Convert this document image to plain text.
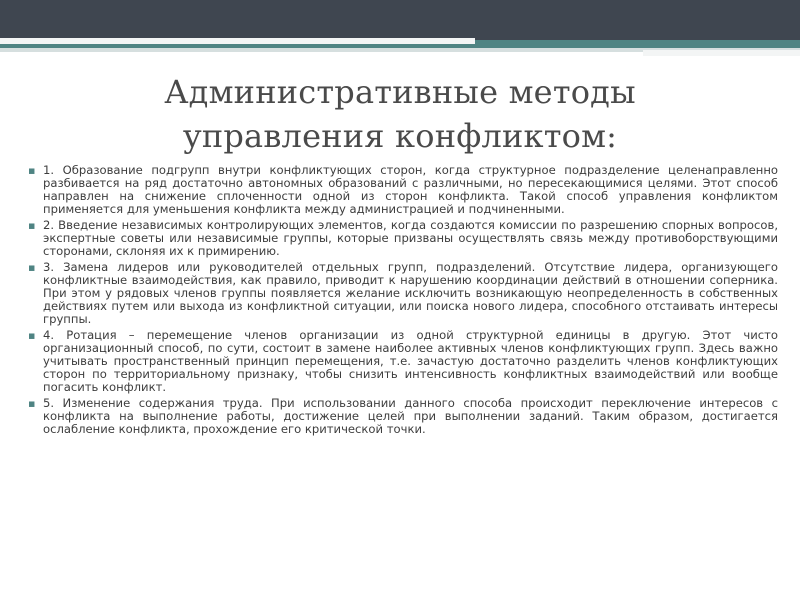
Административные методы
управления конфликтом:
▪ 1. Образование подгрупп внутри конфликтующих сторон, когда структурное подразделение целенаправленно разбивается на ряд достаточно автономных образований с различными, но пересекающимися целями. Этот способ направлен на снижение сплоченности одной из сторон конфликта. Такой способ управления конфликтом применяется для уменьшения конфликта между администрацией и подчиненными.
▪ 2. Введение независимых контролирующих элементов, когда создаются комиссии по разрешению спорных вопросов, экспертные советы или независимые группы, которые призваны осуществлять связь между противоборствующими сторонами, склоняя их к примирению.
▪ 3. Замена лидеров или руководителей отдельных групп, подразделений. Отсутствие лидера, организующего конфликтные взаимодействия, как правило, приводит к нарушению координации действий в отношении соперника. При этом у рядовых членов группы появляется желание исключить возникающую неопределенность в собственных действиях путем или выхода из конфликтной ситуации, или поиска нового лидера, способного отстаивать интересы группы.
▪ 4. Ротация – перемещение членов организации из одной структурной единицы в другую. Этот чисто организационный способ, по сути, состоит в замене наиболее активных членов конфликтующих групп. Здесь важно учитывать пространственный принцип перемещения, т.е. зачастую достаточно разделить членов конфликтующих сторон по территориальному признаку, чтобы снизить интенсивность конфликтных взаимодействий или вообще погасить конфликт.
▪ 5. Изменение содержания труда. При использовании данного способа происходит переключение интересов с конфликта на выполнение работы, достижение целей при выполнении заданий. Таким образом, достигается ослабление конфликта, прохождение его критической точки.
